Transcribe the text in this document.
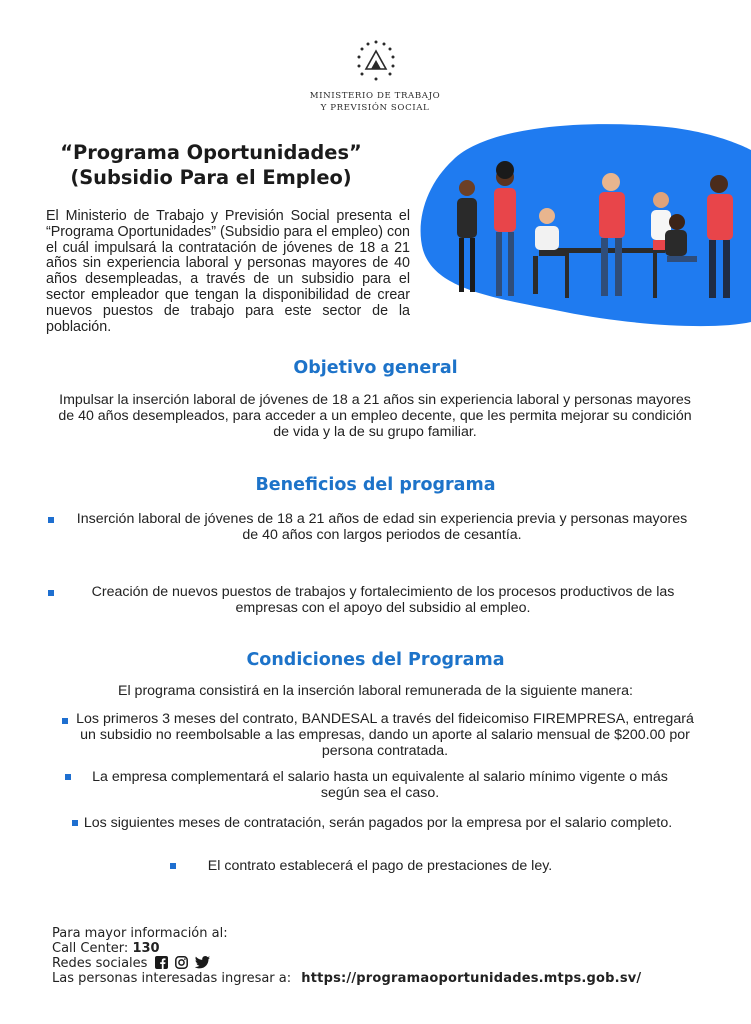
MINISTERIO DE TRABAJO
Y PREVISIÓN SOCIAL
“Programa Oportunidades”
(Subsidio Para el Empleo)
El Ministerio de Trabajo y Previsión Social presenta el “Programa Oportunidades” (Subsidio para el empleo) con el cuál impulsará la contratación de jóvenes de 18 a 21 años sin experiencia laboral y personas mayores de 40 años desempleadas, a través de un subsidio para el sector empleador que tengan la disponibilidad de crear nuevos puestos de trabajo para este sector de la población.
Objetivo general
Impulsar la inserción laboral de jóvenes de 18 a 21 años sin experiencia laboral y personas mayores de 40 años desempleados, para acceder a un empleo decente, que les permita mejorar su condición de vida y la de su grupo familiar.
Beneficios del programa
Inserción laboral de jóvenes de 18 a 21 años de edad sin experiencia previa y personas mayores de 40 años con largos periodos de cesantía.
Creación de nuevos puestos de trabajos y fortalecimiento de los procesos productivos de las empresas con el apoyo del subsidio al empleo.
Condiciones del Programa
El programa consistirá en la inserción laboral remunerada de la siguiente manera:
Los primeros 3 meses del contrato, BANDESAL a través del fideicomiso FIREMPRESA, entregará un subsidio no reembolsable a las empresas, dando un aporte al salario mensual de $200.00 por persona contratada.
La empresa complementará el salario hasta un equivalente al salario mínimo vigente o más según sea el caso.
Los siguientes meses de contratación, serán pagados por la empresa por el salario completo.
El contrato establecerá el pago de prestaciones de ley.
Para mayor información al:
Call Center: 130
Redes sociales
Las personas interesadas ingresar a: https://programaoportunidades.mtps.gob.sv/
